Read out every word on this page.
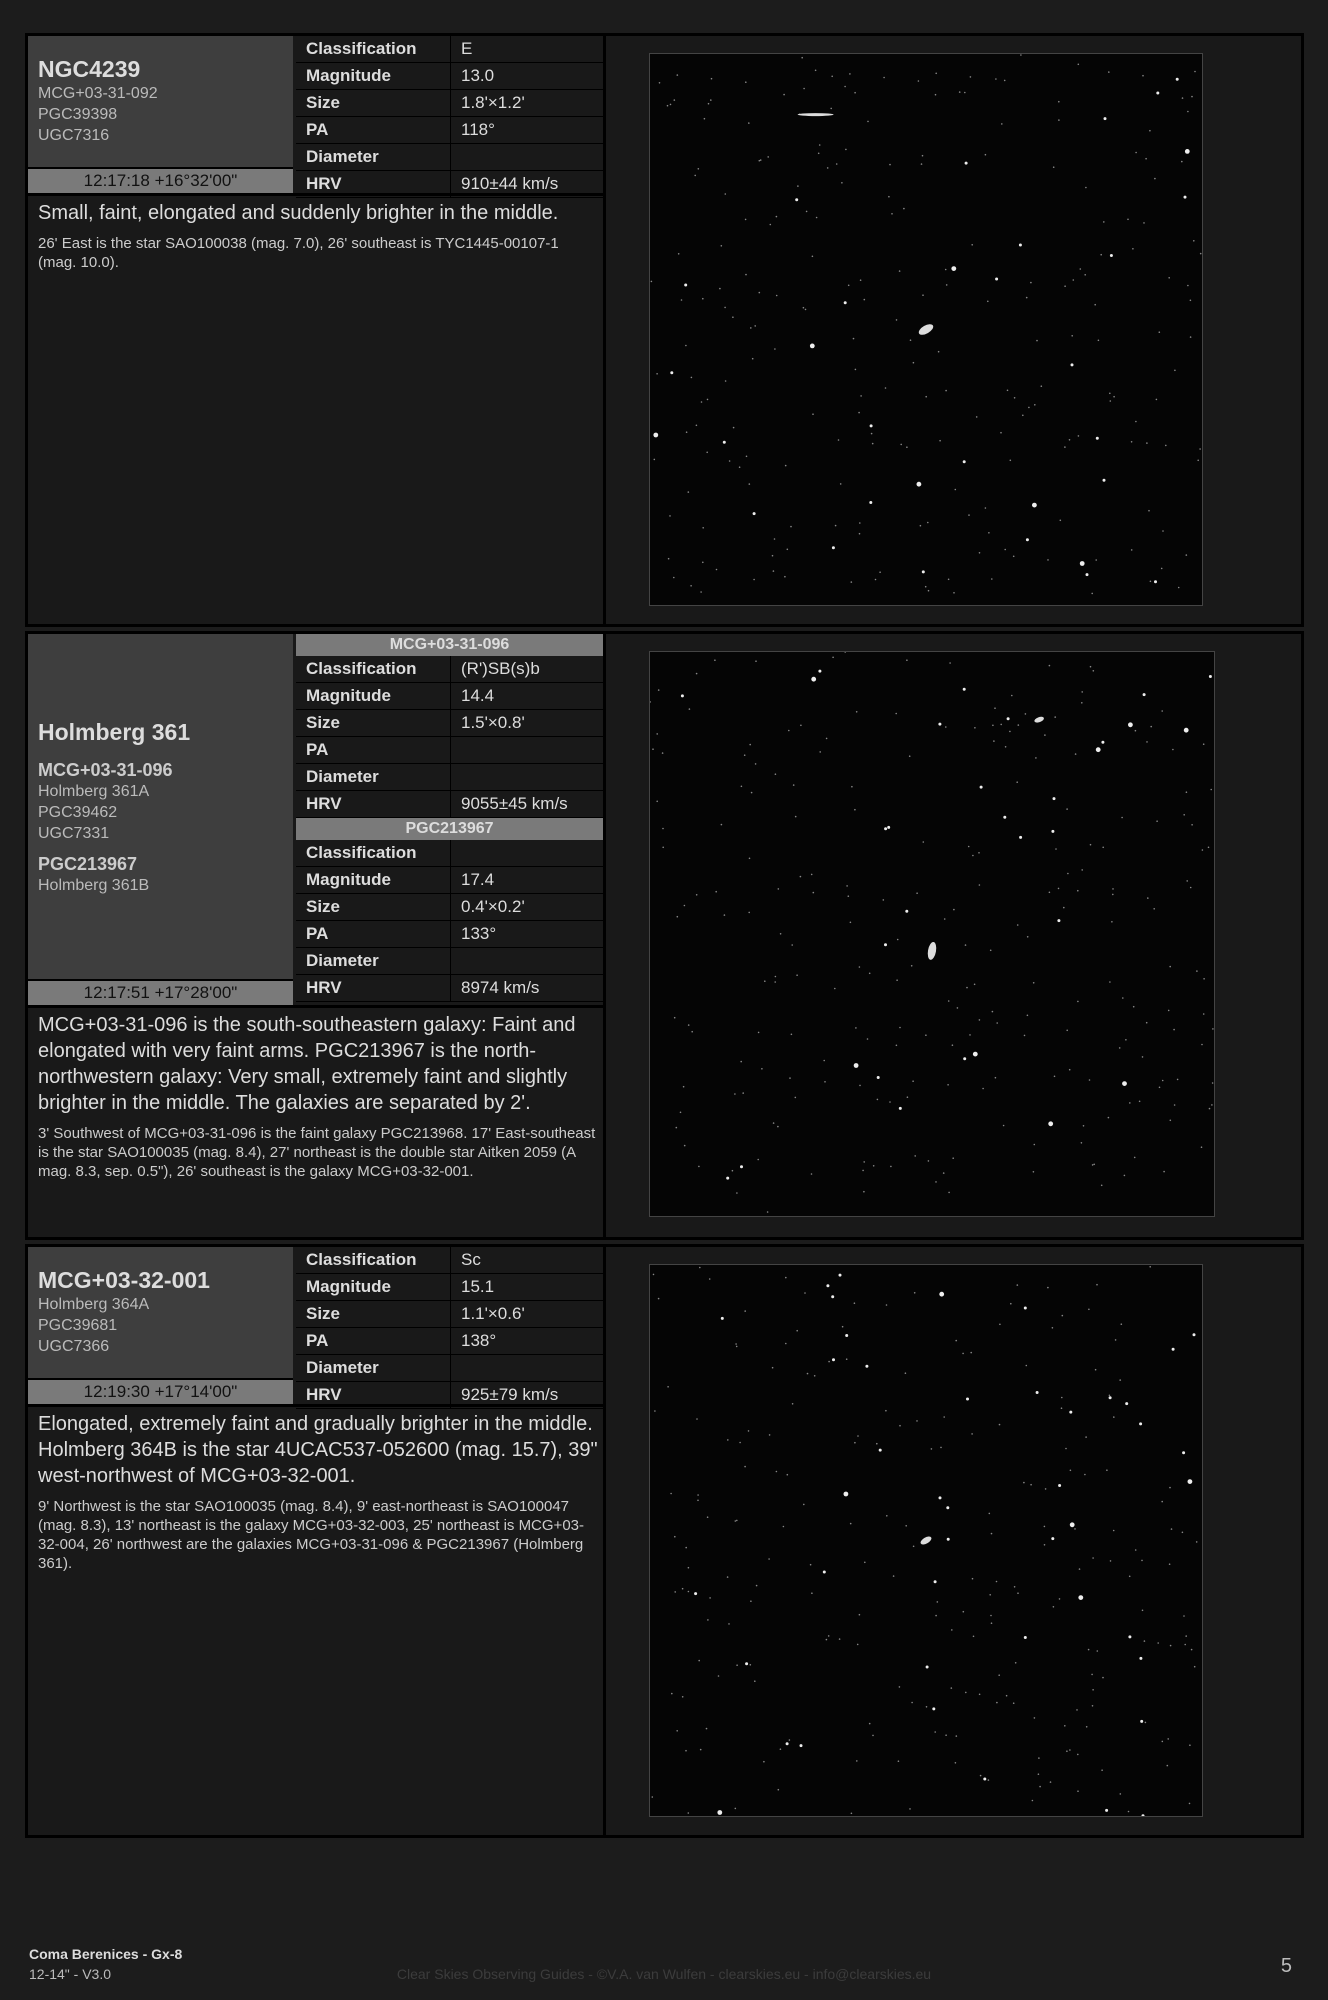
NGC4239
MCG+03-31-092
PGC39398
UGC7316
12:17:18 +16°32'00"
Classification	E
Magnitude	13.0
Size	1.8'×1.2'
PA	118°
Diameter	
HRV	910±44 km/s
Small, faint, elongated and suddenly brighter in the middle.
26' East is the star SAO100038 (mag. 7.0), 26' southeast is TYC1445-00107-1 (mag. 10.0).
Holmberg 361
MCG+03-31-096
Holmberg 361A
PGC39462
UGC7331
PGC213967
Holmberg 361B
12:17:51 +17°28'00"
MCG+03-31-096
Classification	(R')SB(s)b
Magnitude	14.4
Size	1.5'×0.8'
PA	
Diameter	
HRV	9055±45 km/s
PGC213967
Classification	
Magnitude	17.4
Size	0.4'×0.2'
PA	133°
Diameter	
HRV	8974 km/s
MCG+03-31-096 is the south-southeastern galaxy: Faint and elongated with very faint arms. PGC213967 is the north-northwestern galaxy: Very small, extremely faint and slightly brighter in the middle. The galaxies are separated by 2'.
3' Southwest of MCG+03-31-096 is the faint galaxy PGC213968. 17' East-southeast is the star SAO100035 (mag. 8.4), 27' northeast is the double star Aitken 2059 (A mag. 8.3, sep. 0.5"), 26' southeast is the galaxy MCG+03-32-001.
MCG+03-32-001
Holmberg 364A
PGC39681
UGC7366
12:19:30 +17°14'00"
Classification	Sc
Magnitude	15.1
Size	1.1'×0.6'
PA	138°
Diameter	
HRV	925±79 km/s
Elongated, extremely faint and gradually brighter in the middle. Holmberg 364B is the star 4UCAC537-052600 (mag. 15.7), 39" west-northwest of MCG+03-32-001.
9' Northwest is the star SAO100035 (mag. 8.4), 9' east-northeast is SAO100047 (mag. 8.3), 13' northeast is the galaxy MCG+03-32-003, 25' northeast is MCG+03-32-004, 26' northwest are the galaxies MCG+03-31-096 & PGC213967 (Holmberg 361).
Coma Berenices - Gx-8
12-14" - V3.0	Clear Skies Observing Guides - ©V.A. van Wulfen - clearskies.eu - info@clearskies.eu	5
